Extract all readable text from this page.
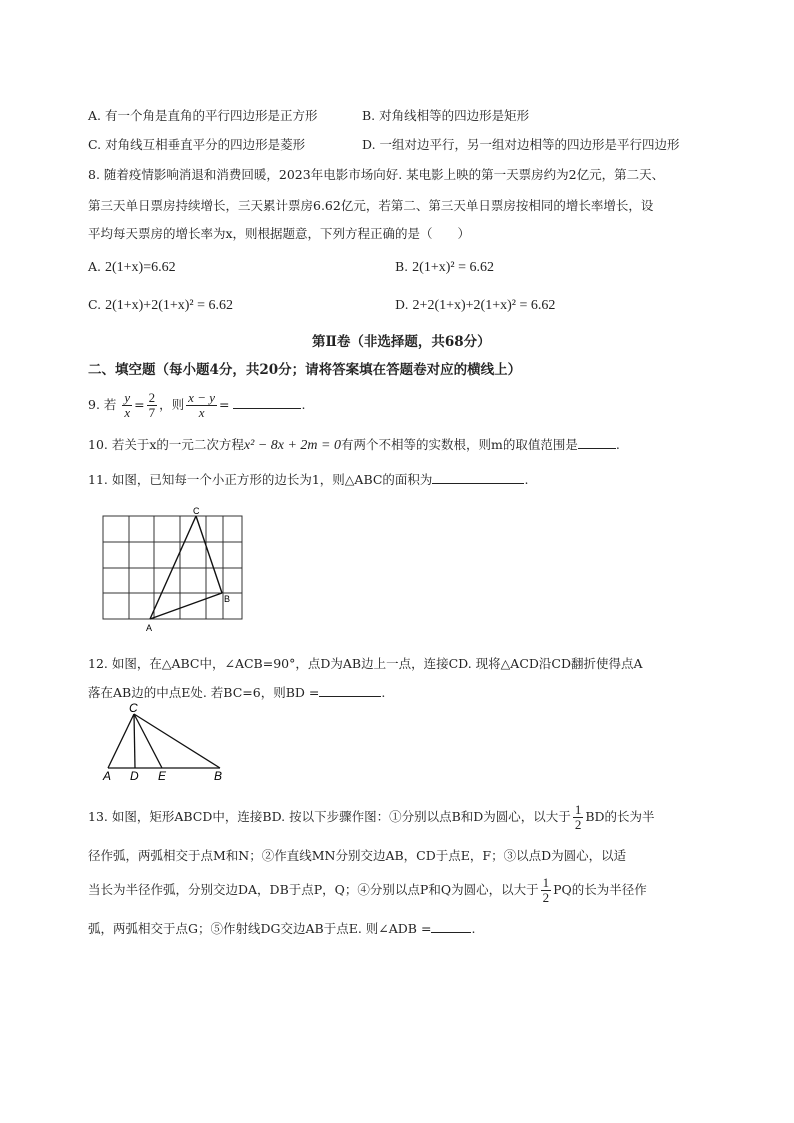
A. 有一个角是直角的平行四边形是正方形	B. 对角线相等的四边形是矩形
C. 对角线互相垂直平分的四边形是菱形	D. 一组对边平行，另一组对边相等的四边形是平行四边形
8. 随着疫情影响消退和消费回暖，2023年电影市场向好. 某电影上映的第一天票房约为2亿元，第二天、
第三天单日票房持续增长，三天累计票房6.62亿元，若第二、第三天单日票房按相同的增长率增长，设
平均每天票房的增长率为x，则根据题意，下列方程正确的是（　　）
A. 2(1+x)=6.62	B. 2(1+x)² = 6.62
C. 2(1+x)+2(1+x)² = 6.62	D. 2+2(1+x)+2(1+x)² = 6.62
第Ⅱ卷（非选择题，共68分）
二、填空题（每小题4分，共20分；请将答案填在答题卷对应的横线上）
9. 若 $\frac{y}{x} = \frac{2}{7}$ ，则 $\frac{x - y}{x}$ =	.
10. 若关于x的一元二次方程x² − 8x + 2m = 0有两个不相等的实数根，则m的取值范围是	.
11. 如图，已知每一个小正方形的边长为1，则△ABC的面积为	.
C
A
B
12. 如图，在△ABC中，∠ACB=90°，点D为AB边上一点，连接CD. 现将△ACD沿CD翻折使得点A
落在AB边的中点E处. 若BC=6，则BD =	.
C
A D E	B
13. 如图，矩形ABCD中，连接BD. 按以下步骤作图：①分别以点B和D为圆心，以大于 $\frac{1}{2}$ BD的长为半
径作弧，两弧相交于点M和N；②作直线MN分别交边AB，CD于点E，F；③以点D为圆心，以适
当长为半径作弧，分别交边DA，DB于点P，Q；④分别以点P和Q为圆心，以大于 $\frac{1}{2}$ PQ的长为半径作
弧，两弧相交于点G；⑤作射线DG交边AB于点E. 则∠ADB =	.
